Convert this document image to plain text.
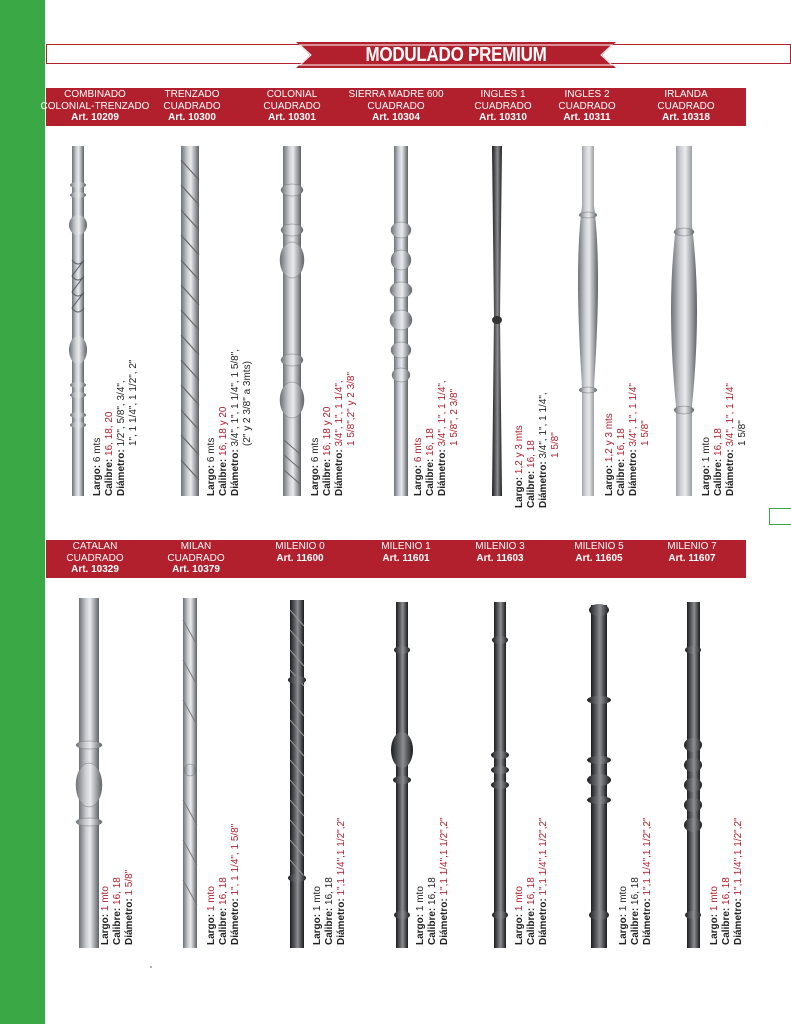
MODULADO PREMIUM
COMBINADO
COLONIAL-TRENZADO
Art. 10209
TRENZADO
CUADRADO
Art. 10300
COLONIAL
CUADRADO
Art. 10301
SIERRA MADRE 600
CUADRADO
Art. 10304
INGLES 1
CUADRADO
Art. 10310
INGLES 2
CUADRADO
Art. 10311
IRLANDA
CUADRADO
Art. 10318
CATALAN
CUADRADO
Art. 10329
MILAN
CUADRADO
Art. 10379
MILENIO 0
Art. 11600
MILENIO 1
Art. 11601
MILENIO 3
Art. 11603
MILENIO 5
Art. 11605
MILENIO 7
Art. 11607
Largo: 6 mts
Calibre: 16, 18, 20
Diámetro: 1/2", 5/8", 3/4", 1", 1 1/4", 1 1/2", 2"
Largo: 6 mts
Calibre: 16, 18 y 20
Diámetro: 3/4", 1", 1 1/4", 1 5/8", (2" y 2 3/8" a 3mts)
Largo: 6 mts
Calibre: 16, 18 y 20
Diámetro: 3/4", 1", 1 1/4", 1 5/8",2" y 2 3/8"
Largo: 6 mts
Calibre: 16, 18
Diámetro: 3/4", 1", 1 1/4", 1 5/8", 2 3/8"
Largo: 1,2 y 3 mts
Calibre: 16, 18
Diámetro: 3/4", 1", 1 1/4", 1 5/8"
Largo: 1,2 y 3 mts
Calibre: 16, 18
Diámetro: 3/4", 1", 1 1/4" 1 5/8"
Largo: 1 mto
Calibre: 16, 18
Diámetro: 3/4", 1", 1 1/4" 1 5/8"
Largo: 1 mto
Calibre: 16, 18
Diámetro: 1 5/8"
Largo: 1 mto
Calibre: 16, 18
Diámetro: 1", 1 1/4", 1 5/8"
Largo: 1 mto
Calibre: 16, 18
Diámetro: 1",1 1/4",1 1/2",2"
Largo: 1 mto
Calibre: 16, 18
Diámetro: 1",1 1/4",1 1/2",2"
Largo: 1 mto
Calibre: 16, 18
Diámetro: 1",1 1/4",1 1/2",2"
Largo: 1 mto
Calibre: 16, 18
Diámetro: 1",1 1/4",1 1/2",2"
Largo: 1 mto
Calibre: 16, 18
Diámetro: 1",1 1/4",1 1/2",2"
